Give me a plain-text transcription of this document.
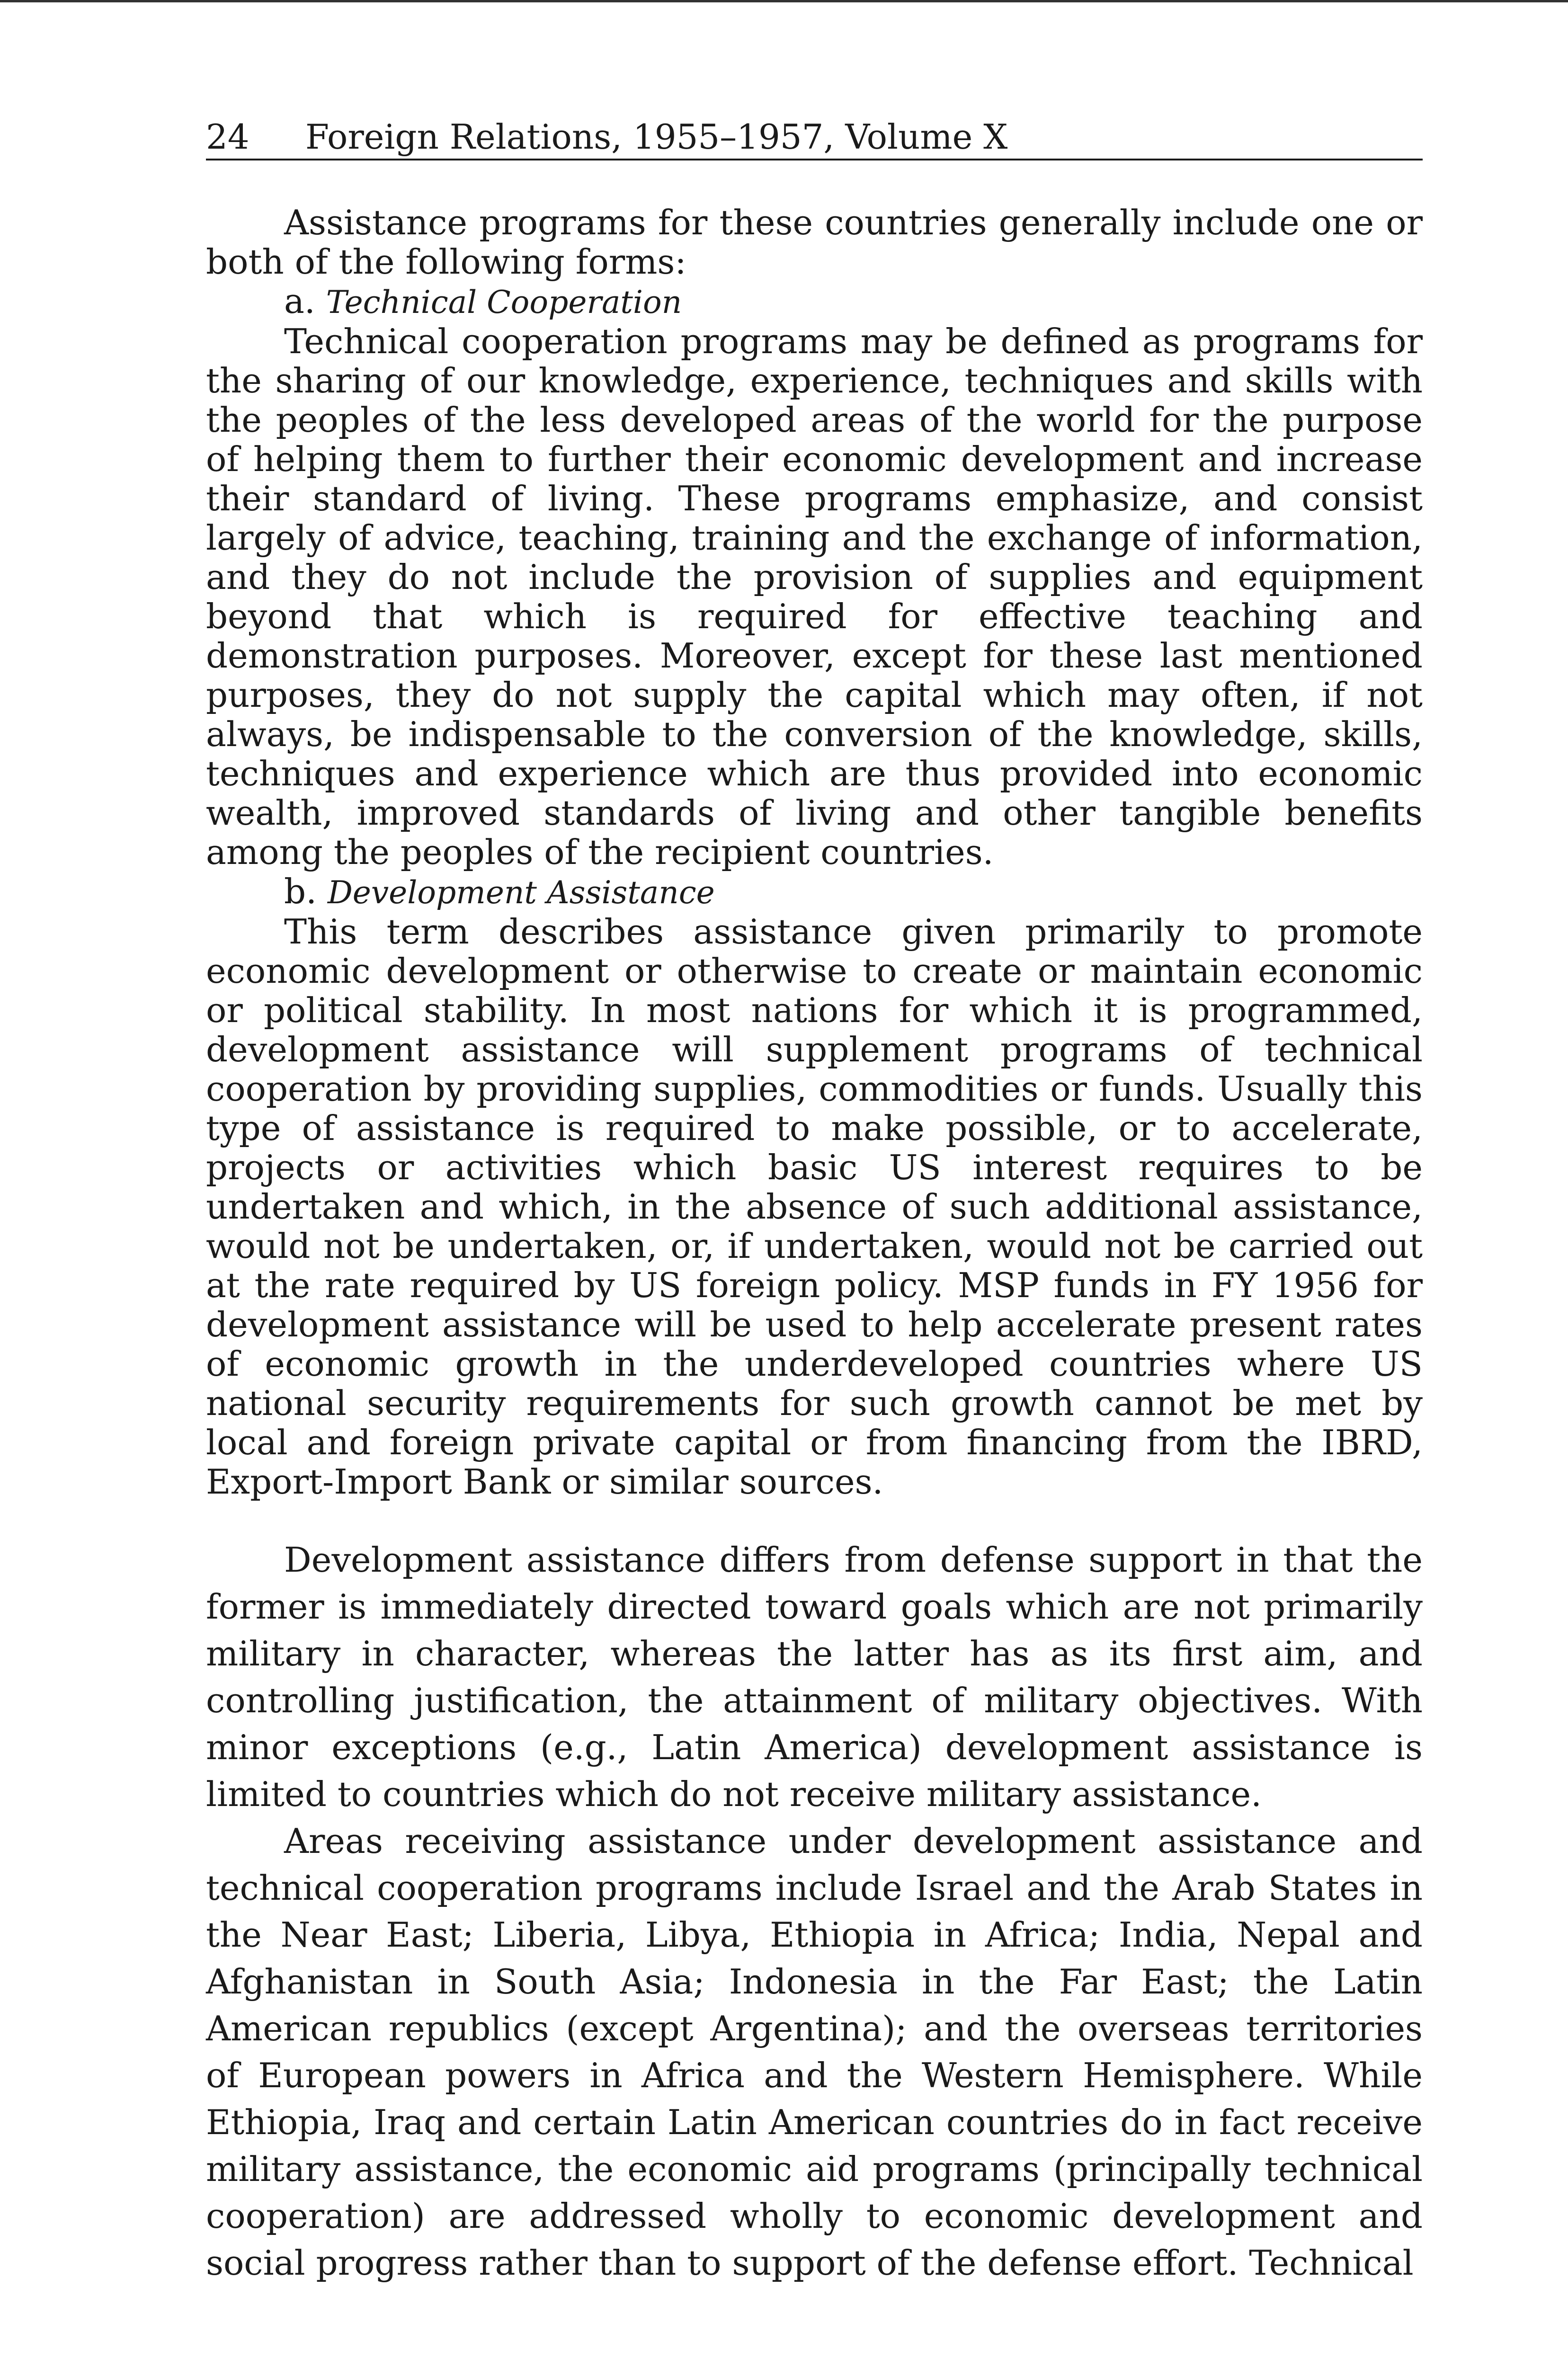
24 Foreign Relations, 1955–1957, Volume X

Assistance programs for these countries generally include one or both of the following forms:

a. Technical Cooperation

Technical cooperation programs may be defined as programs for the sharing of our knowledge, experience, techniques and skills with the peoples of the less developed areas of the world for the purpose of helping them to further their economic development and increase their standard of living. These programs emphasize, and consist largely of advice, teaching, training and the exchange of information, and they do not include the provision of supplies and equipment beyond that which is required for effective teaching and demonstration purposes. Moreover, except for these last mentioned purposes, they do not supply the capital which may often, if not always, be indispensable to the conversion of the knowledge, skills, techniques and experience which are thus provided into economic wealth, improved standards of living and other tangible benefits among the peoples of the recipient countries.

b. Development Assistance

This term describes assistance given primarily to promote economic development or otherwise to create or maintain economic or political stability. In most nations for which it is programmed, development assistance will supplement programs of technical cooperation by providing supplies, commodities or funds. Usually this type of assistance is required to make possible, or to accelerate, projects or activities which basic US interest requires to be undertaken and which, in the absence of such additional assistance, would not be undertaken, or, if undertaken, would not be carried out at the rate required by US foreign policy. MSP funds in FY 1956 for development assistance will be used to help accelerate present rates of economic growth in the underdeveloped countries where US national security requirements for such growth cannot be met by local and foreign private capital or from financing from the IBRD, Export-Import Bank or similar sources.

Development assistance differs from defense support in that the former is immediately directed toward goals which are not primarily military in character, whereas the latter has as its first aim, and controlling justification, the attainment of military objectives. With minor exceptions (e.g., Latin America) development assistance is limited to countries which do not receive military assistance.

Areas receiving assistance under development assistance and technical cooperation programs include Israel and the Arab States in the Near East; Liberia, Libya, Ethiopia in Africa; India, Nepal and Afghanistan in South Asia; Indonesia in the Far East; the Latin American republics (except Argentina); and the overseas territories of European powers in Africa and the Western Hemisphere. While Ethiopia, Iraq and certain Latin American countries do in fact receive military assistance, the economic aid programs (principally technical cooperation) are addressed wholly to economic development and social progress rather than to support of the defense effort. Technical
